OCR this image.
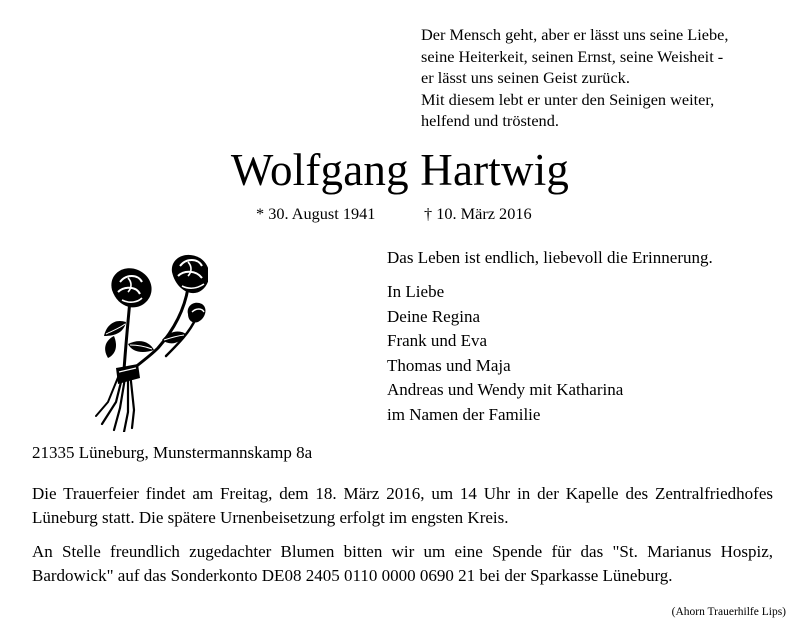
Der Mensch geht, aber er lässt uns seine Liebe,
seine Heiterkeit, seinen Ernst, seine Weisheit -
er lässt uns seinen Geist zurück.
Mit diesem lebt er unter den Seinigen weiter,
helfend und tröstend.
Wolfgang Hartwig
* 30. August 1941	† 10. März 2016
Das Leben ist endlich, liebevoll die Erinnerung.
In Liebe
Deine Regina
Frank und Eva
Thomas und Maja
Andreas und Wendy mit Katharina
im Namen der Familie
21335 Lüneburg, Munstermannskamp 8a
Die Trauerfeier findet am Freitag, dem 18. März 2016, um 14 Uhr in der Kapelle des Zentralfriedhofes Lüneburg statt. Die spätere Urnenbeisetzung erfolgt im engsten Kreis.
An Stelle freundlich zugedachter Blumen bitten wir um eine Spende für das "St. Marianus Hospiz, Bardowick" auf das Sonderkonto DE08 2405 0110 0000 0690 21 bei der Sparkasse Lüneburg.
(Ahorn Trauerhilfe Lips)
